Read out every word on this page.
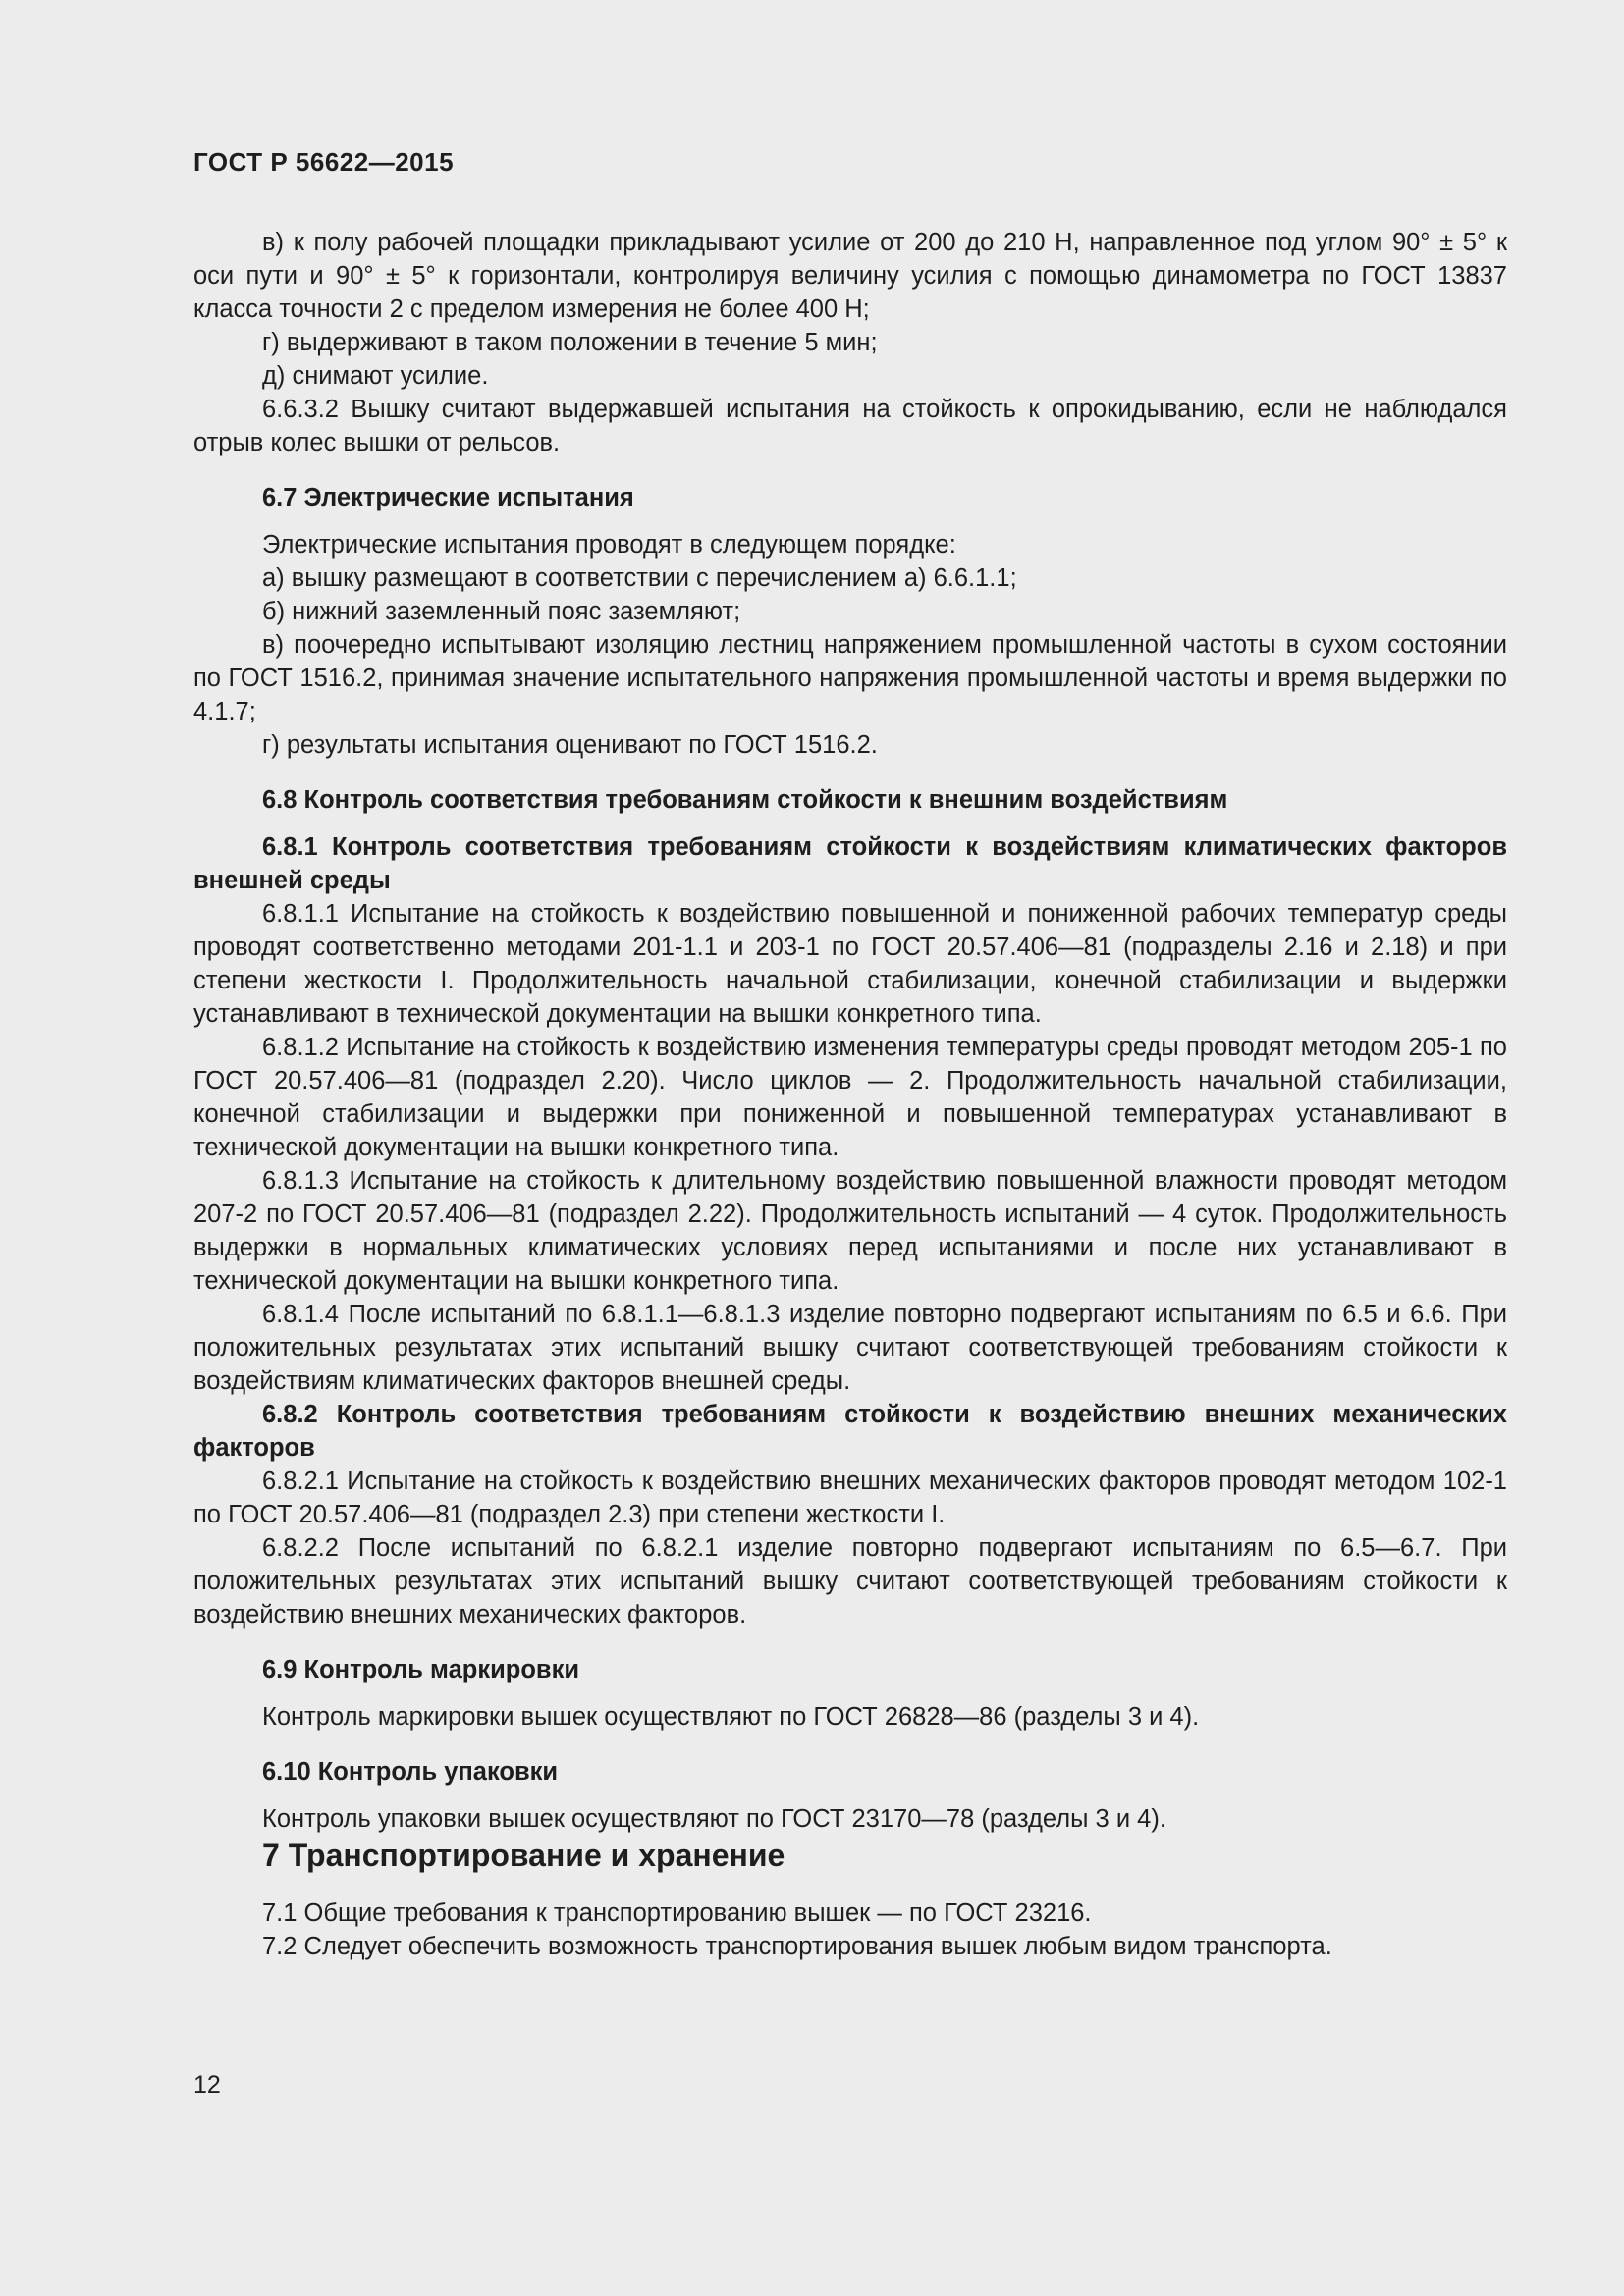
ГОСТ Р 56622—2015

в) к полу рабочей площадки прикладывают усилие от 200 до 210 Н, направленное под углом 90° ± 5° к оси пути и 90° ± 5° к горизонтали, контролируя величину усилия с помощью динамометра по ГОСТ 13837 класса точности 2 с пределом измерения не более 400 Н;

г) выдерживают в таком положении в течение 5 мин;

д) снимают усилие.

6.6.3.2 Вышку считают выдержавшей испытания на стойкость к опрокидыванию, если не наблюдался отрыв колес вышки от рельсов.

6.7 Электрические испытания

Электрические испытания проводят в следующем порядке:

а) вышку размещают в соответствии с перечислением а) 6.6.1.1;

б) нижний заземленный пояс заземляют;

в) поочередно испытывают изоляцию лестниц напряжением промышленной частоты в сухом состоянии по ГОСТ 1516.2, принимая значение испытательного напряжения промышленной частоты и время выдержки по 4.1.7;

г) результаты испытания оценивают по ГОСТ 1516.2.

6.8 Контроль соответствия требованиям стойкости к внешним воздействиям

6.8.1 Контроль соответствия требованиям стойкости к воздействиям климатических факторов внешней среды

6.8.1.1 Испытание на стойкость к воздействию повышенной и пониженной рабочих температур среды проводят соответственно методами 201-1.1 и 203-1 по ГОСТ 20.57.406—81 (подразделы 2.16 и 2.18) и при степени жесткости I. Продолжительность начальной стабилизации, конечной стабилизации и выдержки устанавливают в технической документации на вышки конкретного типа.

6.8.1.2 Испытание на стойкость к воздействию изменения температуры среды проводят методом 205-1 по ГОСТ 20.57.406—81 (подраздел 2.20). Число циклов — 2. Продолжительность начальной стабилизации, конечной стабилизации и выдержки при пониженной и повышенной температурах устанавливают в технической документации на вышки конкретного типа.

6.8.1.3 Испытание на стойкость к длительному воздействию повышенной влажности проводят методом 207-2 по ГОСТ 20.57.406—81 (подраздел 2.22). Продолжительность испытаний — 4 суток. Продолжительность выдержки в нормальных климатических условиях перед испытаниями и после них устанавливают в технической документации на вышки конкретного типа.

6.8.1.4 После испытаний по 6.8.1.1—6.8.1.3 изделие повторно подвергают испытаниям по 6.5 и 6.6. При положительных результатах этих испытаний вышку считают соответствующей требованиям стойкости к воздействиям климатических факторов внешней среды.

6.8.2 Контроль соответствия требованиям стойкости к воздействию внешних механических факторов

6.8.2.1 Испытание на стойкость к воздействию внешних механических факторов проводят методом 102-1 по ГОСТ 20.57.406—81 (подраздел 2.3) при степени жесткости I.

6.8.2.2 После испытаний по 6.8.2.1 изделие повторно подвергают испытаниям по 6.5—6.7. При положительных результатах этих испытаний вышку считают соответствующей требованиям стойкости к воздействию внешних механических факторов.

6.9 Контроль маркировки

Контроль маркировки вышек осуществляют по ГОСТ 26828—86 (разделы 3 и 4).

6.10 Контроль упаковки

Контроль упаковки вышек осуществляют по ГОСТ 23170—78 (разделы 3 и 4).

7 Транспортирование и хранение

7.1 Общие требования к транспортированию вышек — по ГОСТ 23216.

7.2 Следует обеспечить возможность транспортирования вышек любым видом транспорта.

12
